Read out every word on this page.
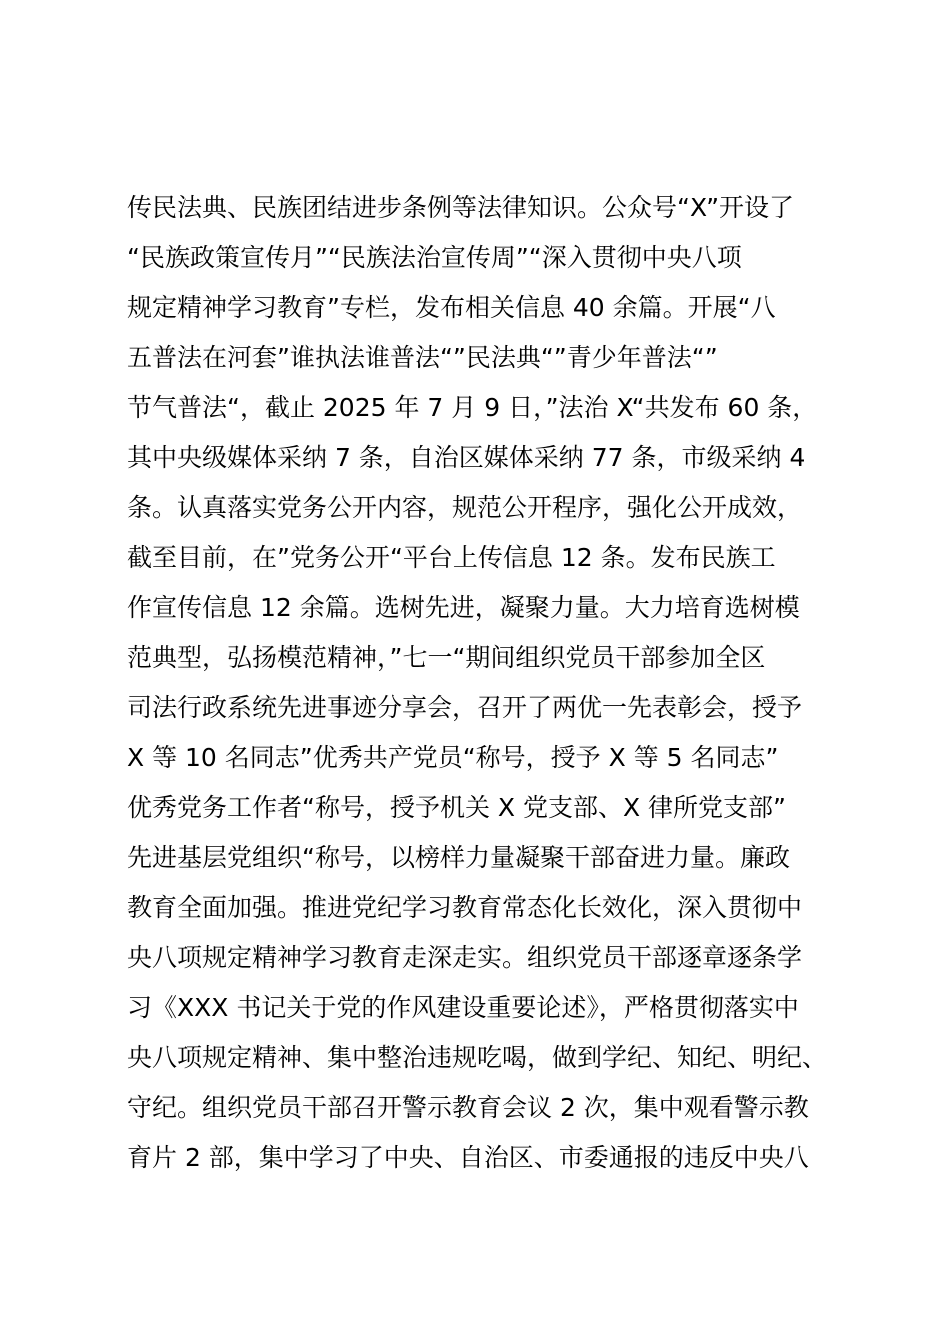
传民法典、民族团结进步条例等法律知识。公众号“X”开设了
“民族政策宣传月”“民族法治宣传周”“深入贯彻中央八项
规定精神学习教育”专栏，发布相关信息 40 余篇。开展“八
五普法在河套”谁执法谁普法“”民法典“”青少年普法“”
节气普法“，截止 2025 年 7 月 9 日，”法治 X“共发布 60 条，
其中央级媒体采纳 7 条，自治区媒体采纳 77 条，市级采纳 4
条。认真落实党务公开内容，规范公开程序，强化公开成效，
截至目前，在”党务公开“平台上传信息 12 条。发布民族工
作宣传信息 12 余篇。选树先进，凝聚力量。大力培育选树模
范典型，弘扬模范精神，”七一“期间组织党员干部参加全区
司法行政系统先进事迹分享会，召开了两优一先表彰会，授予
X 等 10 名同志”优秀共产党员“称号，授予 X 等 5 名同志”
优秀党务工作者“称号，授予机关 X 党支部、X 律所党支部”
先进基层党组织“称号，以榜样力量凝聚干部奋进力量。廉政
教育全面加强。推进党纪学习教育常态化长效化，深入贯彻中
央八项规定精神学习教育走深走实。组织党员干部逐章逐条学
习《XXX 书记关于党的作风建设重要论述》，严格贯彻落实中
央八项规定精神、集中整治违规吃喝，做到学纪、知纪、明纪、
守纪。组织党员干部召开警示教育会议 2 次，集中观看警示教
育片 2 部，集中学习了中央、自治区、市委通报的违反中央八
